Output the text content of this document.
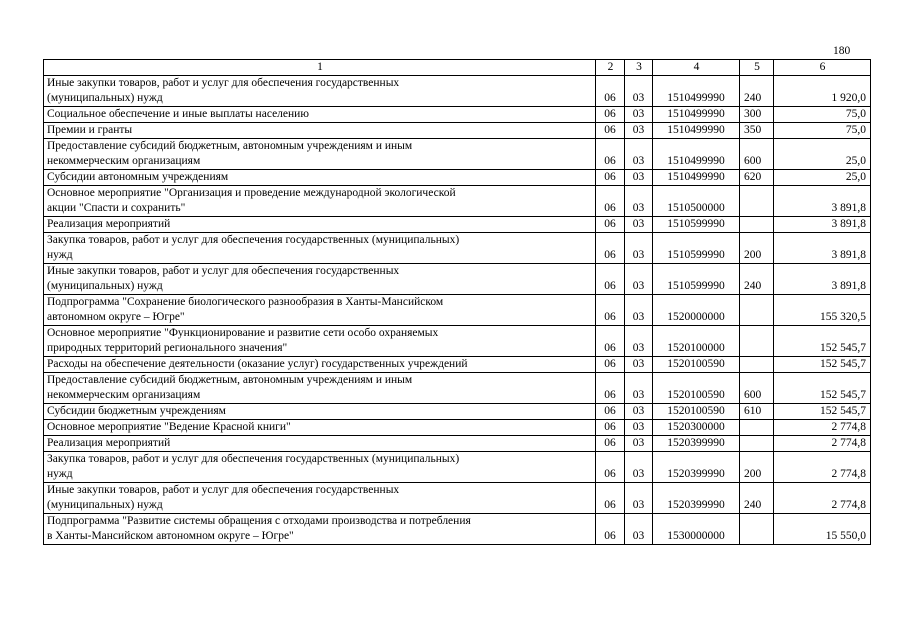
180
1	2	3	4	5	6

Иные закупки товаров, работ и услуг для обеспечения государственных
(муниципальных) нужд	06	03	1510499990	240	1 920,0

Социальное обеспечение и иные выплаты населению	06	03	1510499990	300	75,0

Премии и гранты	06	03	1510499990	350	75,0

Предоставление субсидий бюджетным, автономным учреждениям и иным
некоммерческим организациям	06	03	1510499990	600	25,0

Субсидии автономным учреждениям	06	03	1510499990	620	25,0

Основное мероприятие "Организация и проведение международной экологической
акции "Спасти и сохранить"	06	03	1510500000		3 891,8

Реализация мероприятий	06	03	1510599990		3 891,8

Закупка товаров, работ и услуг для обеспечения государственных (муниципальных)
нужд	06	03	1510599990	200	3 891,8

Иные закупки товаров, работ и услуг для обеспечения государственных
(муниципальных) нужд	06	03	1510599990	240	3 891,8

Подпрограмма "Сохранение биологического разнообразия в Ханты-Мансийском
автономном округе – Югре"	06	03	1520000000		155 320,5

Основное мероприятие "Функционирование и развитие сети особо охраняемых
природных территорий регионального значения"	06	03	1520100000		152 545,7

Расходы на обеспечение деятельности (оказание услуг) государственных учреждений	06	03	1520100590		152 545,7

Предоставление субсидий бюджетным, автономным учреждениям и иным
некоммерческим организациям	06	03	1520100590	600	152 545,7

Субсидии бюджетным учреждениям	06	03	1520100590	610	152 545,7

Основное мероприятие "Ведение Красной книги"	06	03	1520300000		2 774,8

Реализация мероприятий	06	03	1520399990		2 774,8

Закупка товаров, работ и услуг для обеспечения государственных (муниципальных)
нужд	06	03	1520399990	200	2 774,8

Иные закупки товаров, работ и услуг для обеспечения государственных
(муниципальных) нужд	06	03	1520399990	240	2 774,8

Подпрограмма "Развитие системы обращения с отходами производства и потребления
в Ханты-Мансийском автономном округе – Югре"	06	03	1530000000		15 550,0
